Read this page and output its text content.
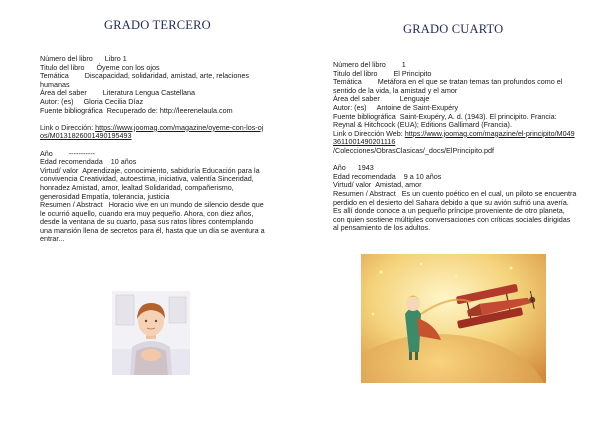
GRADO TERCERO	GRADO CUARTO
Número del libro Libro 1
Titulo del libro Óyeme con los ojos
Temática Discapacidad, solidaridad, amistad, arte, relaciones humanas
Área del saber Literatura Lengua Castellana
Autor: (es) Gloria Cecilia Díaz
Fuente bibliográfica Recuperado de: http://leerenelaula.com
Link o Dirección: https://www.joomag.com/magazine/oyeme-con-los-ojos/M0131826001490195493
Año -----------
Edad recomendada 10 años
Virtud/ valor Aprendizaje, conocimiento, sabiduría Educación para la convivencia Creatividad, autoestima, iniciativa, valentía Sinceridad, honradez Amistad, amor, lealtad Solidaridad, compañerismo, generosidad Empatía, tolerancia, justicia
Resumen / Abstract Horacio vive en un mundo de silencio desde que le ocurrió aquello, cuando era muy pequeño. Ahora, con diez años, desde la ventana de su cuarto, pasa sus ratos libres contemplando una mansión llena de secretos para él, hasta que un día se aventura a entrar...
Número del libro 1
Titulo del libro El Principito
Temática Metáfora en el que se tratan temas tan profundos como el sentido de la vida, la amistad y el amor
Área del saber	Lenguaje
Autor: (es) Antoine de Saint-Exupéry
Fuente bibliográfica Saint-Exupéry, A. d. (1943). El principito. Francia: Reynal & Hitchcock (EUA); Editions Gallimard (Francia).
Link o Dirección Web: https://www.joomag.com/magazine/el-principito/M0493611001490201116
/Colecciones/ObrasClasicas/_docs/ElPrincipito.pdf
Año 1943
Edad recomendada 9 a 10 años
Virtud/ valor Amistad, amor
Resumen / Abstract Es un cuento poético en el cual, un piloto se encuentra perdido en el desierto del Sahara debido a que su avión sufrió una avería. Es allí donde conoce a un pequeño príncipe proveniente de otro planeta, con quien sostiene múltiples conversaciones con críticas sociales dirigidas al pensamiento de los adultos.
